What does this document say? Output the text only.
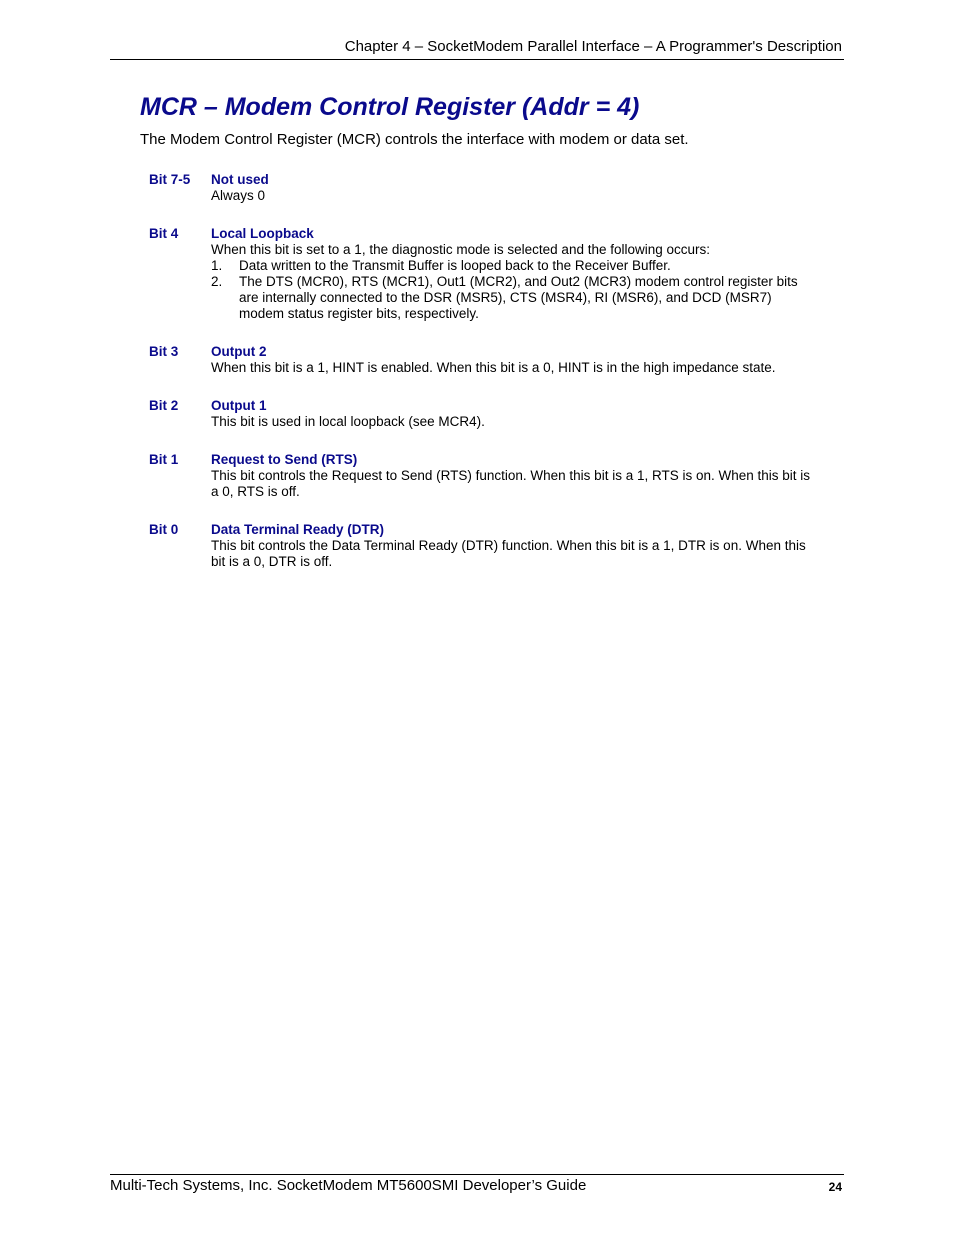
Chapter 4 – SocketModem Parallel Interface – A Programmer's Description
MCR – Modem Control Register (Addr = 4)

The Modem Control Register (MCR) controls the interface with modem or data set.

Bit 7-5 Not used

Always 0

Bit 4 Local Loopback

When this bit is set to a 1, the diagnostic mode is selected and the following occurs:

1. Data written to the Transmit Buffer is looped back to the Receiver Buffer.
2. The DTS (MCR0), RTS (MCR1), Out1 (MCR2), and Out2 (MCR3) modem control register bits are internally connected to the DSR (MSR5), CTS (MSR4), RI (MSR6), and DCD (MSR7) modem status register bits, respectively.
Bit 3 Output 2

When this bit is a 1, HINT is enabled. When this bit is a 0, HINT is in the high impedance state.

Bit 2 Output 1

This bit is used in local loopback (see MCR4).

Bit 1 Request to Send (RTS)

This bit controls the Request to Send (RTS) function. When this bit is a 1, RTS is on. When this bit is a 0, RTS is off.

Bit 0 Data Terminal Ready (DTR)

This bit controls the Data Terminal Ready (DTR) function. When this bit is a 1, DTR is on. When this bit is a 0, DTR is off.

Multi-Tech Systems, Inc. SocketModem MT5600SMI Developer’s Guide	24
